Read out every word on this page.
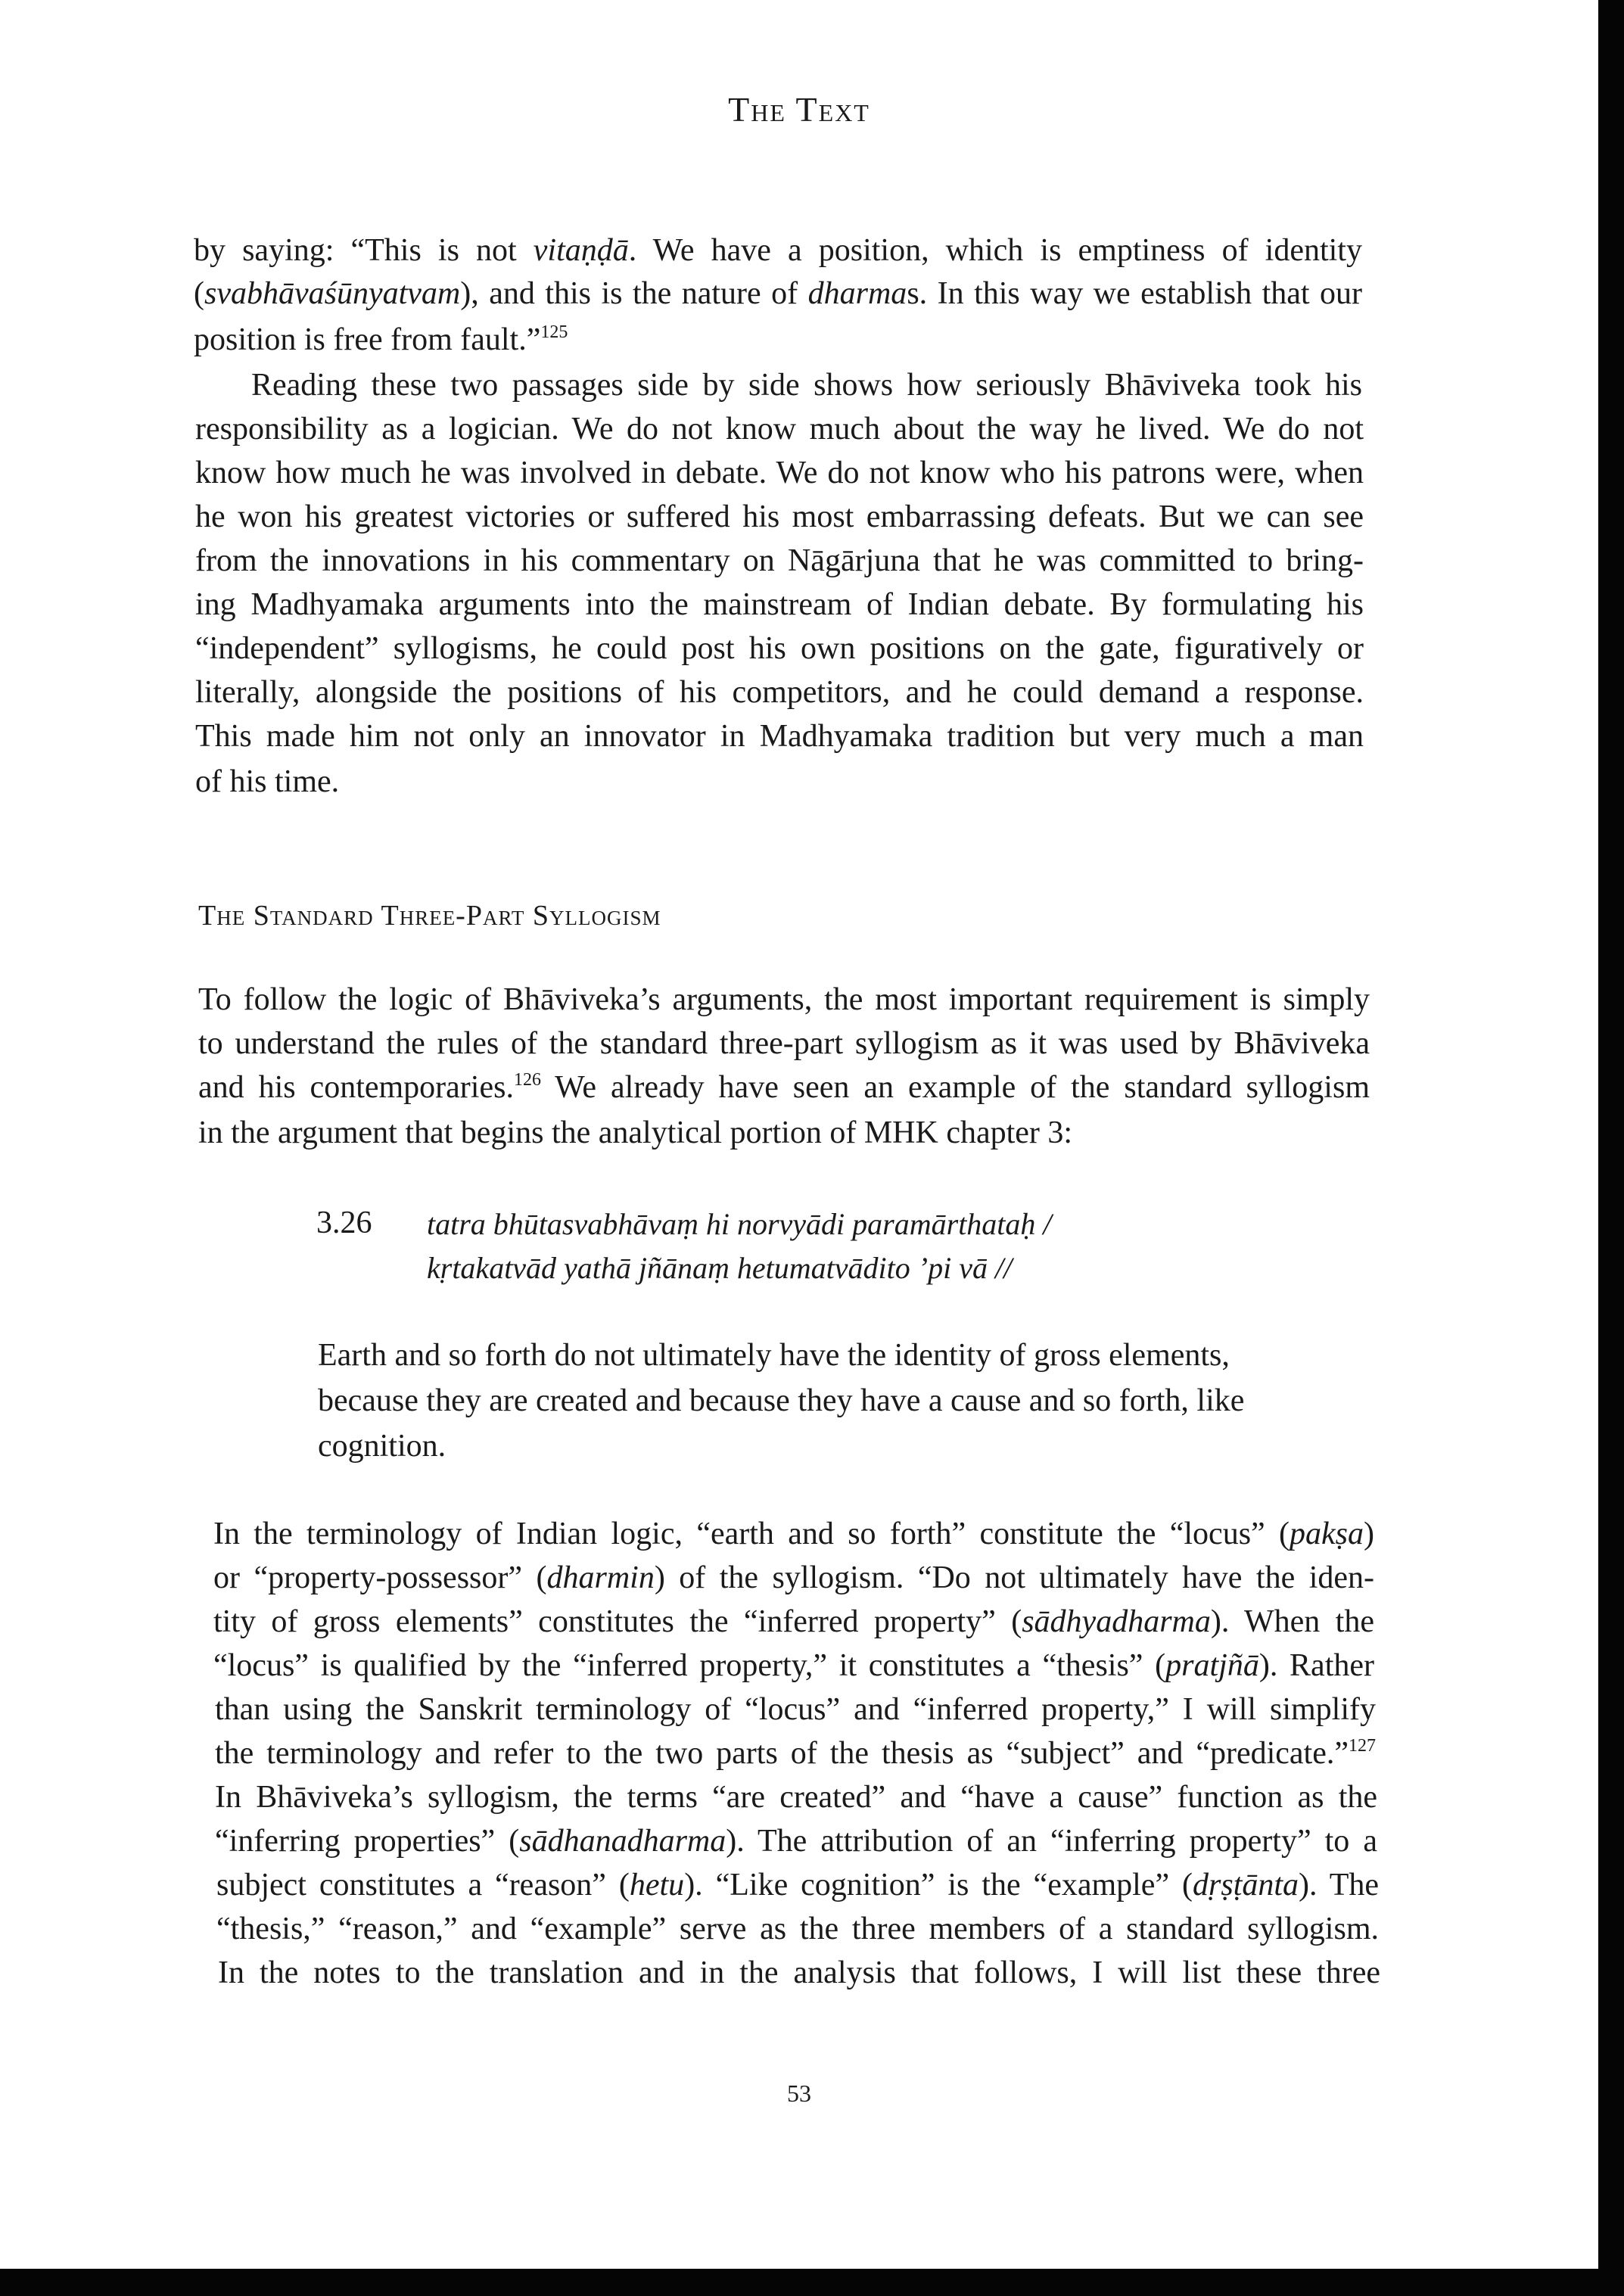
The Text
by saying: “This is not vitaṇḍā. We have a position, which is emptiness of identity
(svabhāvaśūnyatvam), and this is the nature of dharmas. In this way we establish that our
position is free from fault.”$^{125}$
Reading these two passages side by side shows how seriously Bhāviveka took his
responsibility as a logician. We do not know much about the way he lived. We do not
know how much he was involved in debate. We do not know who his patrons were, when
he won his greatest victories or suffered his most embarrassing defeats. But we can see
from the innovations in his commentary on Nāgārjuna that he was committed to bring-
ing Madhyamaka arguments into the mainstream of Indian debate. By formulating his
“independent” syllogisms, he could post his own positions on the gate, figuratively or
literally, alongside the positions of his competitors, and he could demand a response.
This made him not only an innovator in Madhyamaka tradition but very much a man
of his time.
The Standard Three-Part Syllogism
To follow the logic of Bhāviveka’s arguments, the most important requirement is simply
to understand the rules of the standard three-part syllogism as it was used by Bhāviveka
and his contemporaries.$^{126}$ We already have seen an example of the standard syllogism
in the argument that begins the analytical portion of MHK chapter 3:
3.26 tatra bhūtasvabhāvaṃ hi norvyādi paramārthataḥ /
kṛtakatvād yathā jñānaṃ hetumatvādito ’pi vā //
Earth and so forth do not ultimately have the identity of gross elements,
because they are created and because they have a cause and so forth, like
cognition.
In the terminology of Indian logic, “earth and so forth” constitute the “locus” (pakṣa)
or “property-possessor” (dharmin) of the syllogism. “Do not ultimately have the iden-
tity of gross elements” constitutes the “inferred property” (sādhyadharma). When the
“locus” is qualified by the “inferred property,” it constitutes a “thesis” (pratjñā). Rather
than using the Sanskrit terminology of “locus” and “inferred property,” I will simplify
the terminology and refer to the two parts of the thesis as “subject” and “predicate.”$^{127}$
In Bhāviveka’s syllogism, the terms “are created” and “have a cause” function as the
“inferring properties” (sādhanadharma). The attribution of an “inferring property” to a
subject constitutes a “reason” (hetu). “Like cognition” is the “example” (dṛṣṭānta). The
“thesis,” “reason,” and “example” serve as the three members of a standard syllogism.
In the notes to the translation and in the analysis that follows, I will list these three
53
